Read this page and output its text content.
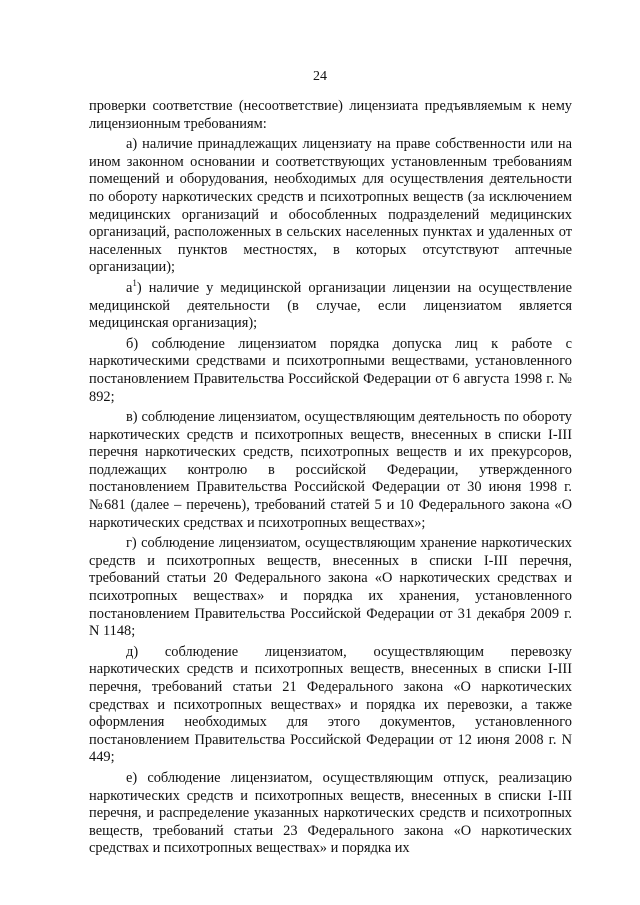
24

проверки соответствие (несоответствие) лицензиата предъявляемым к нему лицензионным требованиям:

а) наличие принадлежащих лицензиату на праве собственности или на ином законном основании и соответствующих установленным требованиям помещений и оборудования, необходимых для осуществления деятельности по обороту наркотических средств и психотропных веществ (за исключением медицинских организаций и обособленных подразделений медицинских организаций, расположенных в сельских населенных пунктах и удаленных от населенных пунктов местностях, в которых отсутствуют аптечные организации);

$а^1$) наличие у медицинской организации лицензии на осуществление медицинской деятельности (в случае, если лицензиатом является медицинская организация);

б) соблюдение лицензиатом порядка допуска лиц к работе с наркотическими средствами и психотропными веществами, установленного постановлением Правительства Российской Федерации от 6 августа 1998 г. № 892;

в) соблюдение лицензиатом, осуществляющим деятельность по обороту наркотических средств и психотропных веществ, внесенных в списки I-III перечня наркотических средств, психотропных веществ и их прекурсоров, подлежащих контролю в российской Федерации, утвержденного постановлением Правительства Российской Федерации от 30 июня 1998 г. №681 (далее – перечень), требований статей 5 и 10 Федерального закона «О наркотических средствах и психотропных веществах»;

г) соблюдение лицензиатом, осуществляющим хранение наркотических средств и психотропных веществ, внесенных в списки I-III перечня, требований статьи 20 Федерального закона «О наркотических средствах и психотропных веществах» и порядка их хранения, установленного постановлением Правительства Российской Федерации от 31 декабря 2009 г. N 1148;

д) соблюдение лицензиатом, осуществляющим перевозку наркотических средств и психотропных веществ, внесенных в списки I-III перечня, требований статьи 21 Федерального закона «О наркотических средствах и психотропных веществах» и порядка их перевозки, а также оформления необходимых для этого документов, установленного постановлением Правительства Российской Федерации от 12 июня 2008 г. N 449;

е) соблюдение лицензиатом, осуществляющим отпуск, реализацию наркотических средств и психотропных веществ, внесенных в списки I-III перечня, и распределение указанных наркотических средств и психотропных веществ, требований статьи 23 Федерального закона «О наркотических средствах и психотропных веществах» и порядка их
